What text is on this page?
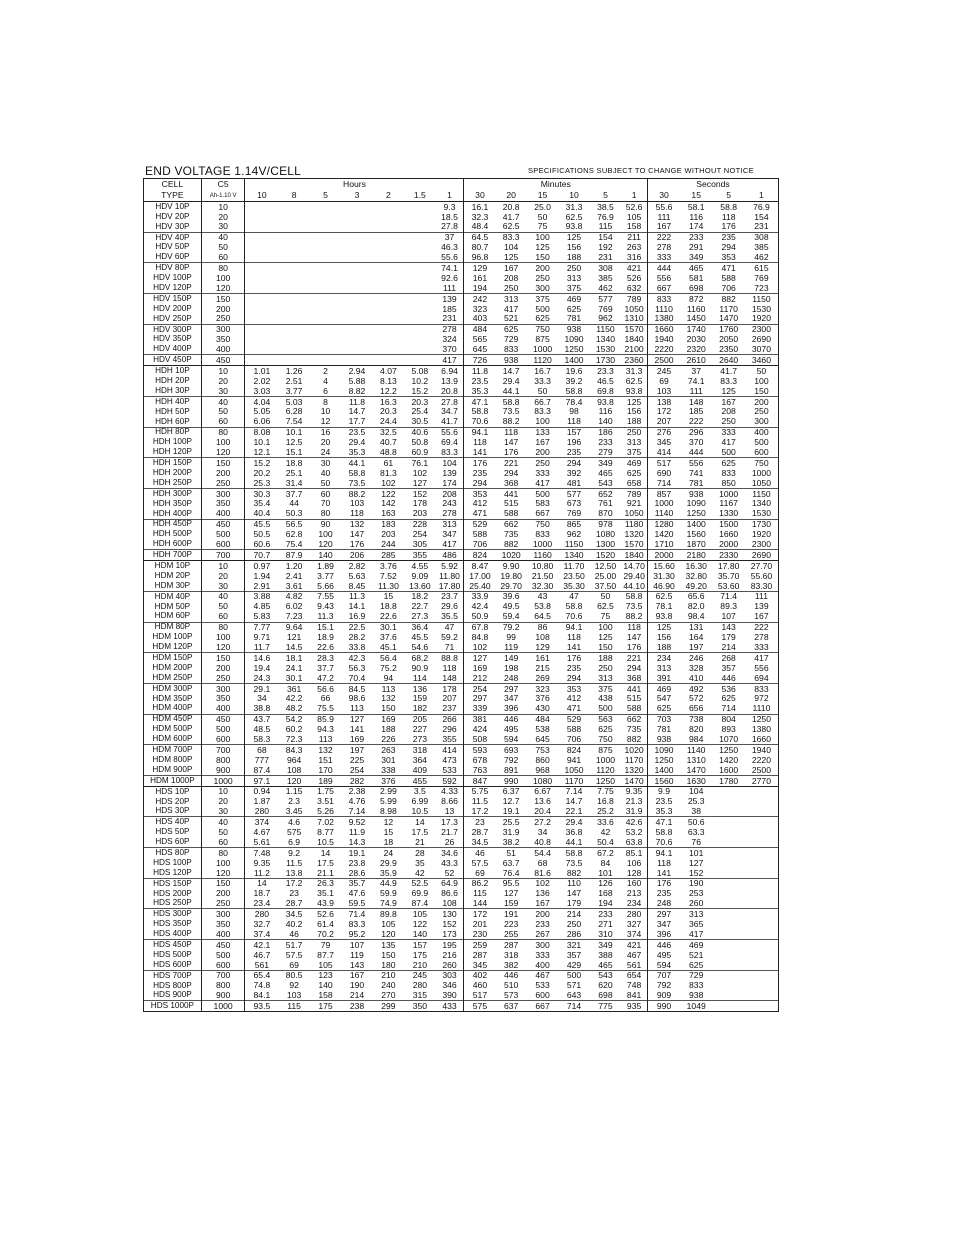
END VOLTAGE 1.14V/CELL	SPECIFICATIONS SUBJECT TO CHANGE WITHOUT NOTICE
CELL	C5	Hours							Minutes						Seconds			
TYPE	Ah-1.10 V	10	8	5	3	2	1.5	1	30	20	15	10	5	1	30	15	5	1
HDV 10P	10							9.3	16.1	20.8	25.0	31.3	38.5	52.6	55.6	58.1	58.8	76.9
HDV 20P	20							18.5	32.3	41.7	50	62.5	76.9	105	111	116	118	154
HDV 30P	30							27.8	48.4	62.5	75	93.8	115	158	167	174	176	231
HDV 40P	40							37	64.5	83.3	100	125	154	211	222	233	235	308
HDV 50P	50							46.3	80.7	104	125	156	192	263	278	291	294	385
HDV 60P	60							55.6	96.8	125	150	188	231	316	333	349	353	462
HDV 80P	80							74.1	129	167	200	250	308	421	444	465	471	615
HDV 100P	100							92.6	161	208	250	313	385	526	556	581	588	769
HDV 120P	120							111	194	250	300	375	462	632	667	698	706	723
HDV 150P	150							139	242	313	375	469	577	789	833	872	882	1150
HDV 200P	200							185	323	417	500	625	769	1050	1110	1160	1170	1530
HDV 250P	250							231	403	521	625	781	962	1310	1380	1450	1470	1920
HDV 300P	300							278	484	625	750	938	1150	1570	1660	1740	1760	2300
HDV 350P	350							324	565	729	875	1090	1340	1840	1940	2030	2050	2690
HDV 400P	400							370	645	833	1000	1250	1530	2100	2220	2320	2350	3070
HDV 450P	450							417	726	938	1120	1400	1730	2360	2500	2610	2640	3460
HDH 10P	10	1.01	1.26	2	2.94	4.07	5.08	6.94	11.8	14.7	16.7	19.6	23.3	31.3	245	37	41.7	50
HDH 20P	20	2.02	2.51	4	5.88	8.13	10.2	13.9	23.5	29.4	33.3	39.2	46.5	62.5	69	74.1	83.3	100
HDH 30P	30	3.03	3.77	6	8.82	12.2	15.2	20.8	35.3	44.1	50	58.8	69.8	93.8	103	111	125	150
HDH 40P	40	4.04	5.03	8	11.8	16.3	20.3	27.8	47.1	58.8	66.7	78.4	93.8	125	138	148	167	200
HDH 50P	50	5.05	6.28	10	14.7	20.3	25.4	34.7	58.8	73.5	83.3	98	116	156	172	185	208	250
HDH 60P	60	6.06	7.54	12	17.7	24.4	30.5	41.7	70.6	88.2	100	118	140	188	207	222	250	300
HDH 80P	80	8.08	10.1	16	23.5	32.5	40.6	55.6	94.1	118	133	157	186	250	276	296	333	400
HDH 100P	100	10.1	12.5	20	29.4	40.7	50.8	69.4	118	147	167	196	233	313	345	370	417	500
HDH 120P	120	12.1	15.1	24	35.3	48.8	60.9	83.3	141	176	200	235	279	375	414	444	500	600
HDH 150P	150	15.2	18.8	30	44.1	61	76.1	104	176	221	250	294	349	469	517	556	625	750
HDH 200P	200	20.2	25.1	40	58.8	81.3	102	139	235	294	333	392	465	625	690	741	833	1000
HDH 250P	250	25.3	31.4	50	73.5	102	127	174	294	368	417	481	543	658	714	781	850	1050
HDH 300P	300	30.3	37.7	60	88.2	122	152	208	353	441	500	577	652	789	857	938	1000	1150
HDH 350P	350	35.4	44	70	103	142	178	243	412	515	583	673	761	921	1000	1090	1167	1340
HDH 400P	400	40.4	50.3	80	118	163	203	278	471	588	667	769	870	1050	1140	1250	1330	1530
HDH 450P	450	45.5	56.5	90	132	183	228	313	529	662	750	865	978	1180	1280	1400	1500	1730
HDH 500P	500	50.5	62.8	100	147	203	254	347	588	735	833	962	1080	1320	1420	1560	1660	1920
HDH 600P	600	60.6	75.4	120	176	244	305	417	706	882	1000	1150	1300	1570	1710	1870	2000	2300
HDH 700P	700	70.7	87.9	140	206	285	355	486	824	1020	1160	1340	1520	1840	2000	2180	2330	2690
HDM 10P	10	0.97	1.20	1.89	2.82	3.76	4.55	5.92	8.47	9.90	10.80	11.70	12.50	14.70	15.60	16.30	17.80	27.70
HDM 20P	20	1.94	2.41	3.77	5.63	7.52	9.09	11.80	17.00	19.80	21.50	23.50	25.00	29.40	31.30	32.80	35.70	55.60
HDM 30P	30	2.91	3.61	5.66	8.45	11.30	13.60	17.80	25.40	29.70	32.30	35.30	37.50	44.10	46.90	49.20	53.60	83.30
HDM 40P	40	3.88	4.82	7.55	11.3	15	18.2	23.7	33.9	39.6	43	47	50	58.8	62.5	65.6	71.4	111
HDM 50P	50	4.85	6.02	9.43	14.1	18.8	22.7	29.6	42.4	49.5	53.8	58.8	62.5	73.5	78.1	82.0	89.3	139
HDM 60P	60	5.83	7.23	11.3	16.9	22.6	27.3	35.5	50.9	59.4	64.5	70.6	75	88.2	93.8	98.4	107	167
HDM 80P	80	7.77	9.64	15.1	22.5	30.1	36.4	47	67.8	79.2	86	94.1	100	118	125	131	143	222
HDM 100P	100	9.71	121	18.9	28.2	37.6	45.5	59.2	84.8	99	108	118	125	147	156	164	179	278
HDM 120P	120	11.7	14.5	22.6	33.8	45.1	54.6	71	102	119	129	141	150	176	188	197	214	333
HDM 150P	150	14.6	18.1	28.3	42.3	56.4	68.2	88.8	127	149	161	176	188	221	234	246	268	417
HDM 200P	200	19.4	24.1	37.7	56.3	75.2	90.9	118	169	198	215	235	250	294	313	328	357	556
HDM 250P	250	24.3	30.1	47.2	70.4	94	114	148	212	248	269	294	313	368	391	410	446	694
HDM 300P	300	29.1	361	56.6	84.5	113	136	178	254	297	323	353	375	441	469	492	536	833
HDM 350P	350	34	42.2	66	98.6	132	159	207	297	347	376	412	438	515	547	572	625	972
HDM 400P	400	38.8	48.2	75.5	113	150	182	237	339	396	430	471	500	588	625	656	714	1110
HDM 450P	450	43.7	54.2	85.9	127	169	205	266	381	446	484	529	563	662	703	738	804	1250
HDM 500P	500	48.5	60.2	94.3	141	188	227	296	424	495	538	588	625	735	781	820	893	1380
HDM 600P	600	58.3	72.3	113	169	226	273	355	508	594	645	706	750	882	938	984	1070	1660
HDM 700P	700	68	84.3	132	197	263	318	414	593	693	753	824	875	1020	1090	1140	1250	1940
HDM 800P	800	777	964	151	225	301	364	473	678	792	860	941	1000	1170	1250	1310	1420	2220
HDM 900P	900	87.4	108	170	254	338	409	533	763	891	968	1050	1120	1320	1400	1470	1600	2500
HDM 1000P	1000	97.1	120	189	282	376	455	592	847	990	1080	1170	1250	1470	1560	1630	1780	2770
HDS 10P	10	0.94	1.15	1.75	2.38	2.99	3.5	4.33	5.75	6.37	6.67	7.14	7.75	9.35	9.9	104		
HDS 20P	20	1.87	2.3	3.51	4.76	5.99	6.99	8.66	11.5	12.7	13.6	14.7	16.8	21.3	23.5	25.3		
HDS 30P	30	280	3.45	5.26	7.14	8.98	10.5	13	17.2	19.1	20.4	22.1	25.2	31.9	35.3	38		
HDS 40P	40	374	4.6	7.02	9.52	12	14	17.3	23	25.5	27.2	29.4	33.6	42.6	47.1	50.6		
HDS 50P	50	4.67	575	8.77	11.9	15	17.5	21.7	28.7	31.9	34	36.8	42	53.2	58.8	63.3		
HDS 60P	60	5.61	6.9	10.5	14.3	18	21	26	34.5	38.2	40.8	44.1	50.4	63.8	70.6	76		
HDS 80P	80	7.48	9.2	14	19.1	24	28	34.6	46	51	54.4	58.8	67.2	85.1	94.1	101		
HDS 100P	100	9.35	11.5	17.5	23.8	29.9	35	43.3	57.5	63.7	68	73.5	84	106	118	127		
HDS 120P	120	11.2	13.8	21.1	28.6	35.9	42	52	69	76.4	81.6	882	101	128	141	152		
HDS 150P	150	14	17.2	26.3	35.7	44.9	52.5	64.9	86.2	95.5	102	110	126	160	176	190		
HDS 200P	200	18.7	23	35.1	47.6	59.9	69.9	86.6	115	127	136	147	168	213	235	253		
HDS 250P	250	23.4	28.7	43.9	59.5	74.9	87.4	108	144	159	167	179	194	234	248	260		
HDS 300P	300	280	34.5	52.6	71.4	89.8	105	130	172	191	200	214	233	280	297	313		
HDS 350P	350	32.7	40.2	61.4	83.3	105	122	152	201	223	233	250	271	327	347	365		
HDS 400P	400	37.4	46	70.2	95.2	120	140	173	230	255	267	286	310	374	396	417		
HDS 450P	450	42.1	51.7	79	107	135	157	195	259	287	300	321	349	421	446	469		
HDS 500P	500	46.7	57.5	87.7	119	150	175	216	287	318	333	357	388	467	495	521		
HDS 600P	600	561	69	105	143	180	210	260	345	382	400	429	465	561	594	625		
HDS 700P	700	65.4	80.5	123	167	210	245	303	402	446	467	500	543	654	707	729		
HDS 800P	800	74.8	92	140	190	240	280	346	460	510	533	571	620	748	792	833		
HDS 900P	900	84.1	103	158	214	270	315	390	517	573	600	643	698	841	909	938		
HDS 1000P	1000	93.5	115	175	238	299	350	433	575	637	667	714	775	935	990	1049		
